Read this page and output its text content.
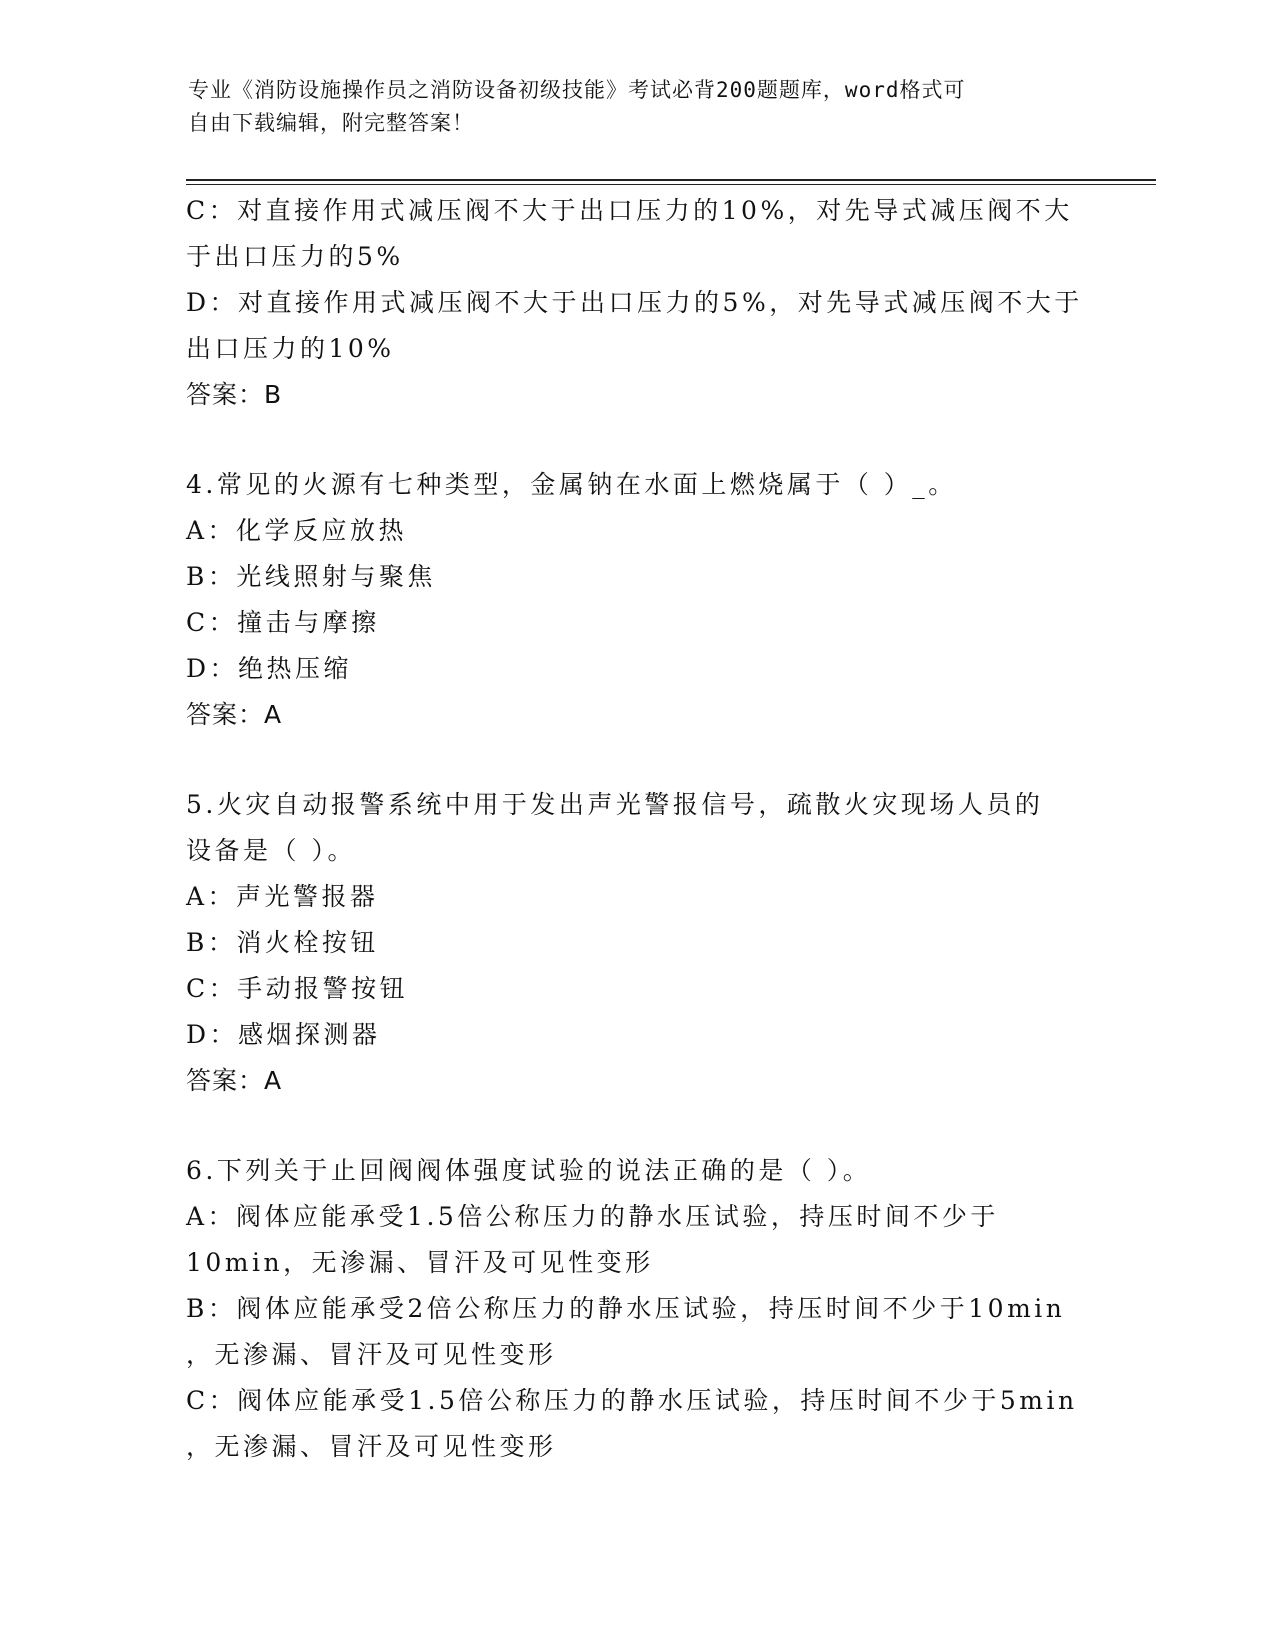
专业《消防设施操作员之消防设备初级技能》考试必背200题题库，word格式可
自由下载编辑，附完整答案！
C：对直接作用式减压阀不大于出口压力的10%，对先导式减压阀不大
于出口压力的5%
D：对直接作用式减压阀不大于出口压力的5%，对先导式减压阀不大于
出口压力的10%
答案：B
4.常见的火源有七种类型，金属钠在水面上燃烧属于（ ）_。
A：化学反应放热
B：光线照射与聚焦
C：撞击与摩擦
D：绝热压缩
答案：A
5.火灾自动报警系统中用于发出声光警报信号，疏散火灾现场人员的
设备是（ ）。
A：声光警报器
B：消火栓按钮
C：手动报警按钮
D：感烟探测器
答案：A
6.下列关于止回阀阀体强度试验的说法正确的是（ ）。
A：阀体应能承受1.5倍公称压力的静水压试验，持压时间不少于
10min，无渗漏、冒汗及可见性变形
B：阀体应能承受2倍公称压力的静水压试验，持压时间不少于10min
，无渗漏、冒汗及可见性变形
C：阀体应能承受1.5倍公称压力的静水压试验，持压时间不少于5min
，无渗漏、冒汗及可见性变形
